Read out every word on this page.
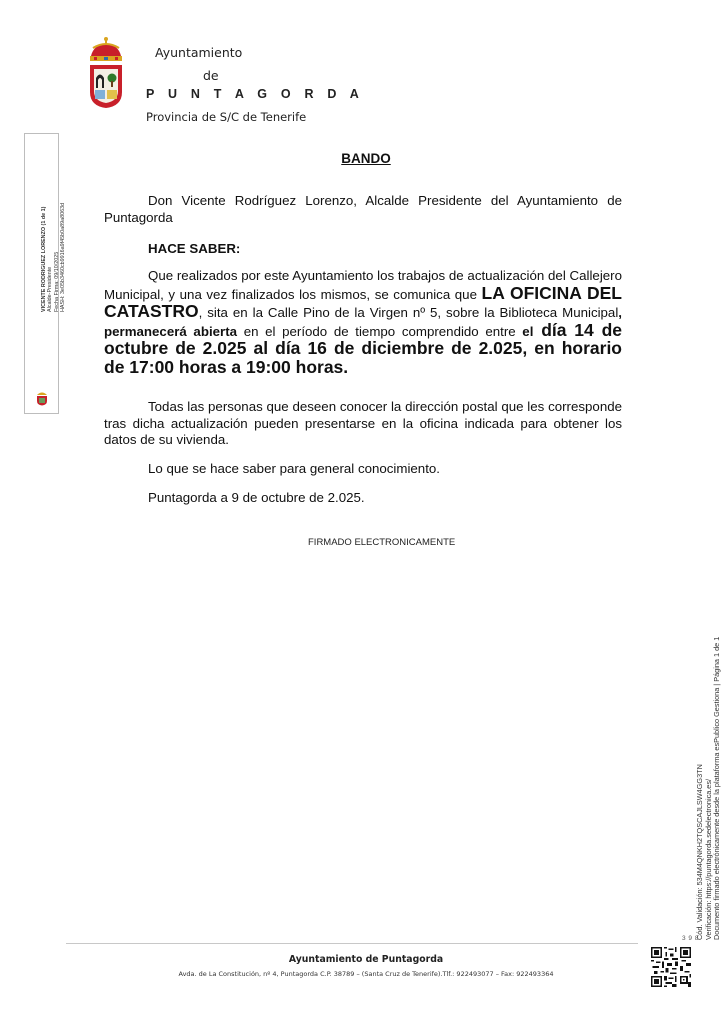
Ayuntamiento
de
P U N T A G O R D A
Provincia de S/C de Tenerife
VICENTE RODRIGUEZ LORENZO (1 de 1) Alcalde-Presidente Fecha Firma: 09/10/2025 HASH: 3e05b3460cb9916a9f45b0a89a8063d
BANDO
Don Vicente Rodríguez Lorenzo, Alcalde Presidente del Ayuntamiento de Puntagorda
HACE SABER:
Que realizados por este Ayuntamiento los trabajos de actualización del Callejero Municipal, y una vez finalizados los mismos, se comunica que LA OFICINA DEL CATASTRO, sita en la Calle Pino de la Virgen nº 5, sobre la Biblioteca Municipal, permanecerá abierta en el período de tiempo comprendido entre el día 14 de octubre de 2.025 al día 16 de diciembre de 2.025, en horario de 17:00 horas a 19:00 horas.
Todas las personas que deseen conocer la dirección postal que les corresponde tras dicha actualización pueden presentarse en la oficina indicada para obtener los datos de su vivienda.
Lo que se hace saber para general conocimiento.
Puntagorda a 9 de octubre de 2.025.
FIRMADO ELECTRONICAMENTE
Cód. Validación: 534M4QNKH2TQSCAJLSW4GG3TN Verificación: https://puntagorda.sedelectronica.es/ Documento firmado electrónicamente desde la plataforma esPublico Gestiona | Página 1 de 1
3 9 8
Ayuntamiento de Puntagorda
Avda. de La Constitución, nº 4, Puntagorda C.P. 38789 – (Santa Cruz de Tenerife).Tlf.: 922493077 – Fax: 922493364
